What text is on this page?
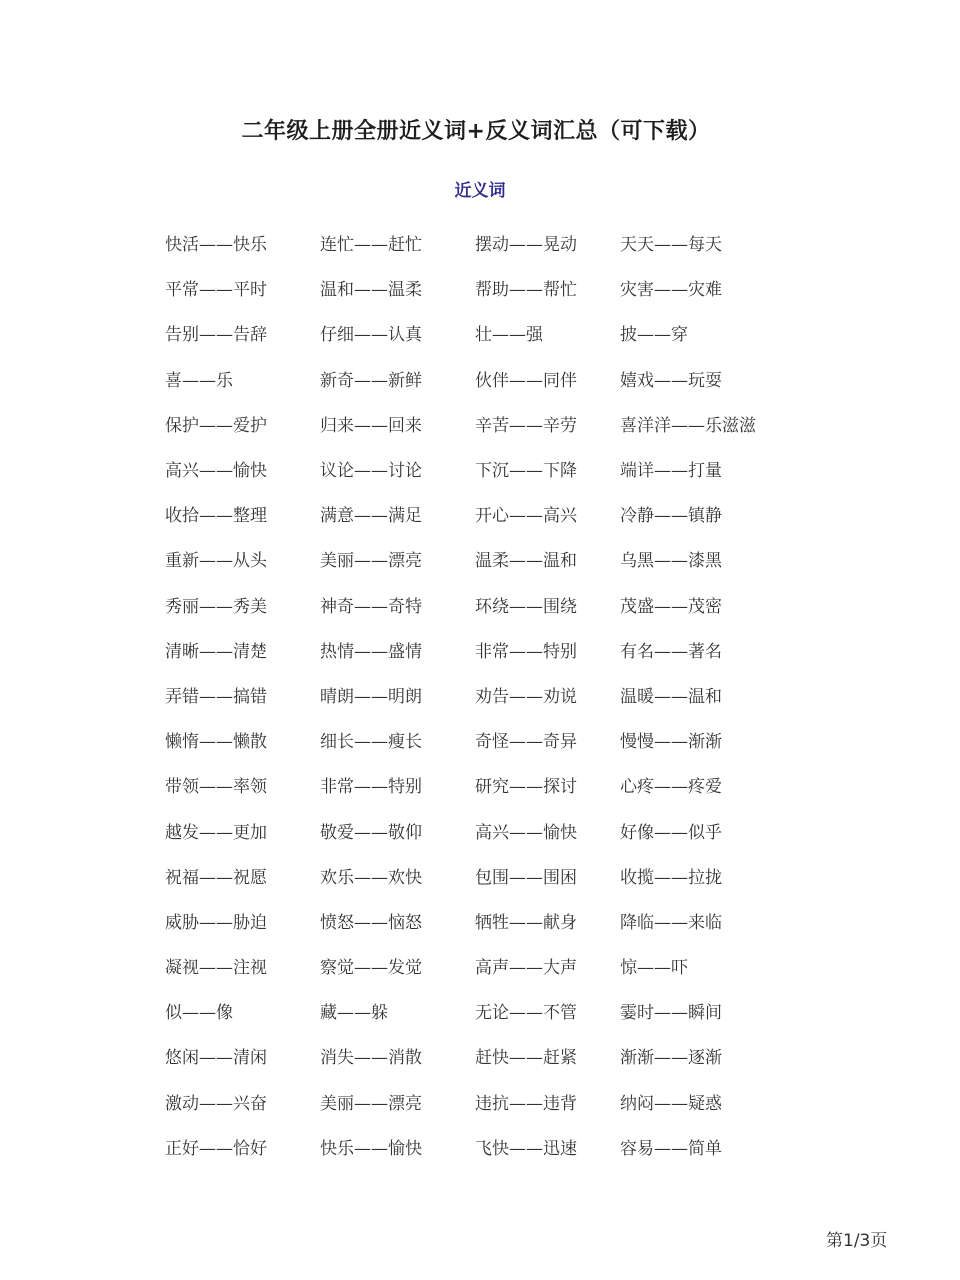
二年级上册全册近义词+反义词汇总（可下载）
近义词
快活——快乐	连忙——赶忙	摆动——晃动	天天——每天
平常——平时	温和——温柔	帮助——帮忙	灾害——灾难
告别——告辞	仔细——认真	壮——强	披——穿
喜——乐	新奇——新鲜	伙伴——同伴	嬉戏——玩耍
保护——爱护	归来——回来	辛苦——辛劳	喜洋洋——乐滋滋
高兴——愉快	议论——讨论	下沉——下降	端详——打量
收拾——整理	满意——满足	开心——高兴	冷静——镇静
重新——从头	美丽——漂亮	温柔——温和	乌黑——漆黑
秀丽——秀美	神奇——奇特	环绕——围绕	茂盛——茂密
清晰——清楚	热情——盛情	非常——特别	有名——著名
弄错——搞错	晴朗——明朗	劝告——劝说	温暖——温和
懒惰——懒散	细长——瘦长	奇怪——奇异	慢慢——渐渐
带领——率领	非常——特别	研究——探讨	心疼——疼爱
越发——更加	敬爱——敬仰	高兴——愉快	好像——似乎
祝福——祝愿	欢乐——欢快	包围——围困	收揽——拉拢
威胁——胁迫	愤怒——恼怒	牺牲——献身	降临——来临
凝视——注视	察觉——发觉	高声——大声	惊——吓
似——像	藏——躲	无论——不管	霎时——瞬间
悠闲——清闲	消失——消散	赶快——赶紧	渐渐——逐渐
激动——兴奋	美丽——漂亮	违抗——违背	纳闷——疑惑
正好——恰好	快乐——愉快	飞快——迅速	容易——简单
第1/3页
